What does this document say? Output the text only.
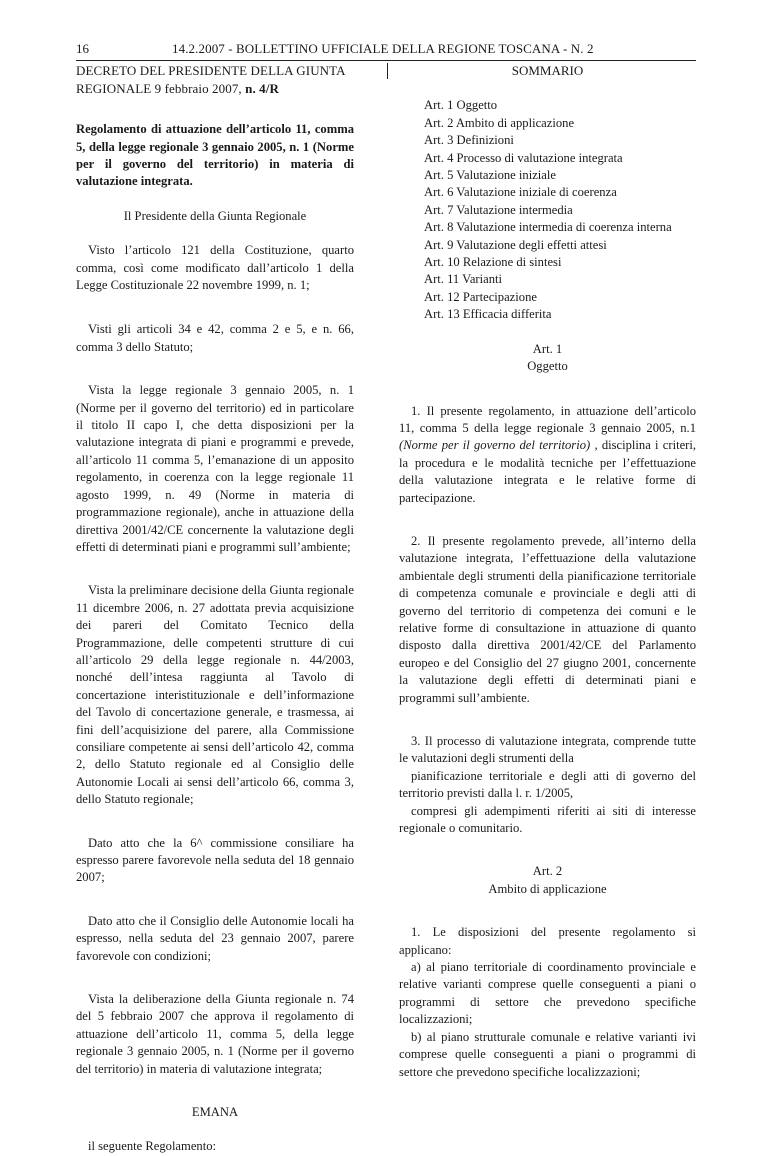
16	14.2.2007 - BOLLETTINO UFFICIALE DELLA REGIONE TOSCANA - N. 2
DECRETO DEL PRESIDENTE DELLA GIUNTA
REGIONALE 9 febbraio 2007, n. 4/R

Regolamento di attuazione dell’articolo 11, comma 5, della legge regionale 3 gennaio 2005, n. 1 (Norme per il governo del territorio) in materia di valutazione integrata.

Il Presidente della Giunta Regionale

Visto l’articolo 121 della Costituzione, quarto comma, così come modificato dall’articolo 1 della Legge Costituzionale 22 novembre 1999, n. 1;

Visti gli articoli 34 e 42, comma 2 e 5, e n. 66, comma 3 dello Statuto;

Vista la legge regionale 3 gennaio 2005, n. 1 (Norme per il governo del territorio) ed in particolare il titolo II capo I, che detta disposizioni per la valutazione integrata di piani e programmi e prevede, all’articolo 11 comma 5, l’emanazione di un apposito regolamento, in coerenza con la legge regionale 11 agosto 1999, n. 49 (Norme in materia di programmazione regionale), anche in attuazione della direttiva 2001/42/CE concernente la valutazione degli effetti di determinati piani e programmi sull’ambiente;

Vista la preliminare decisione della Giunta regionale 11 dicembre 2006, n. 27 adottata previa acquisizione dei pareri del Comitato Tecnico della Programmazione, delle competenti strutture di cui all’articolo 29 della legge regionale n. 44/2003, nonché dell’intesa raggiunta al Tavolo di concertazione interistituzionale e dell’informazione del Tavolo di concertazione generale, e trasmessa, ai fini dell’acquisizione del parere, alla Commissione consiliare competente ai sensi dell’articolo 42, comma 2, dello Statuto regionale ed al Consiglio delle Autonomie Locali ai sensi dell’articolo 66, comma 3, dello Statuto regionale;

Dato atto che la 6^ commissione consiliare ha espresso parere favorevole nella seduta del 18 gennaio 2007;

Dato atto che il Consiglio delle Autonomie locali ha espresso, nella seduta del 23 gennaio 2007, parere favorevole con condizioni;

Vista la deliberazione della Giunta regionale n. 74 del 5 febbraio 2007 che approva il regolamento di attuazione dell’articolo 11, comma 5, della legge regionale 3 gennaio 2005, n. 1 (Norme per il governo del territorio) in materia di valutazione integrata;

EMANA

il seguente Regolamento:

SOMMARIO

Art. 1 Oggetto
Art. 2 Ambito di applicazione
Art. 3 Definizioni
Art. 4 Processo di valutazione integrata
Art. 5 Valutazione iniziale
Art. 6 Valutazione iniziale di coerenza
Art. 7 Valutazione intermedia
Art. 8 Valutazione intermedia di coerenza interna
Art. 9 Valutazione degli effetti attesi
Art. 10 Relazione di sintesi
Art. 11 Varianti
Art. 12 Partecipazione
Art. 13 Efficacia differita

Art. 1

Oggetto

1. Il presente regolamento, in attuazione dell’articolo 11, comma 5 della legge regionale 3 gennaio 2005, n.1 (Norme per il governo del territorio) , disciplina i criteri, la procedura e le modalità tecniche per l’effettuazione della valutazione integrata e le relative forme di partecipazione.

2. Il presente regolamento prevede, all’interno della valutazione integrata, l’effettuazione della valutazione ambientale degli strumenti della pianificazione territoriale di competenza comunale e provinciale e degli atti di governo del territorio di competenza dei comuni e le relative forme di consultazione in attuazione di quanto disposto dalla direttiva 2001/42/CE del Parlamento europeo e del Consiglio del 27 giugno 2001, concernente la valutazione degli effetti di determinati piani e programmi sull’ambiente.

3. Il processo di valutazione integrata, comprende tutte le valutazioni degli strumenti della

pianificazione territoriale e degli atti di governo del territorio previsti dalla l. r. 1/2005,

compresi gli adempimenti riferiti ai siti di interesse regionale o comunitario.

Art. 2

Ambito di applicazione

1. Le disposizioni del presente regolamento si applicano:

a) al piano territoriale di coordinamento provinciale e relative varianti comprese quelle conseguenti a piani o programmi di settore che prevedono specifiche localizzazioni;

b) al piano strutturale comunale e relative varianti ivi comprese quelle conseguenti a piani o programmi di settore che prevedono specifiche localizzazioni;
